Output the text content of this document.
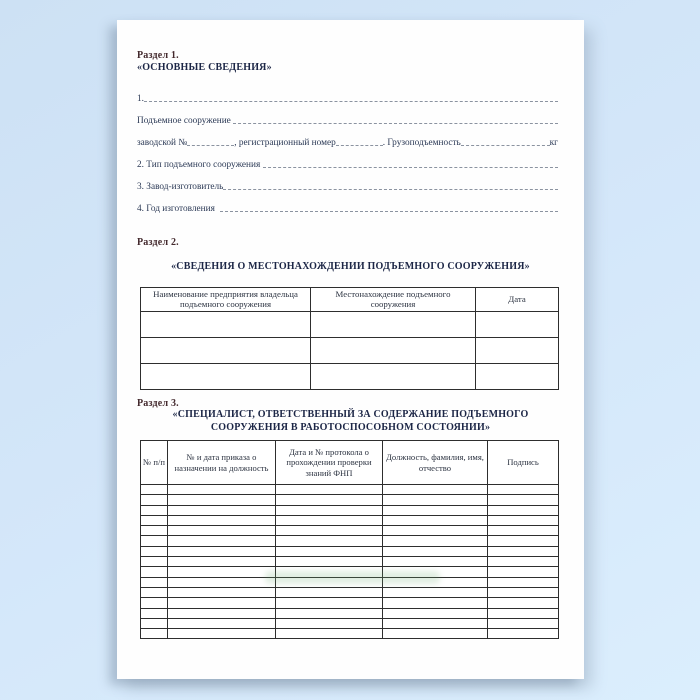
Раздел 1.
«ОСНОВНЫЕ СВЕДЕНИЯ»
1.
Подъемное сооружение
заводской №	, регистрационный номер	. Грузоподъемность	кг
2. Тип подъемного сооружения
3. Завод-изготовитель
4. Год изготовления
Раздел 2.
«СВЕДЕНИЯ О МЕСТОНАХОЖДЕНИИ ПОДЪЕМНОГО СООРУЖЕНИЯ»
Наименование предприятия владельца подъемного сооружения	Местонахождение подъемного сооружения	Дата

Раздел 3.
«СПЕЦИАЛИСТ, ОТВЕТСТВЕННЫЙ ЗА СОДЕРЖАНИЕ ПОДЪЕМНОГО
СООРУЖЕНИЯ В РАБОТОСПОСОБНОМ СОСТОЯНИИ»
№ п/п	№ и дата приказа о назначении на должность	Дата и № протокола о прохождении проверки знаний ФНП	Должность, фамилия, имя, отчество	Подпись
